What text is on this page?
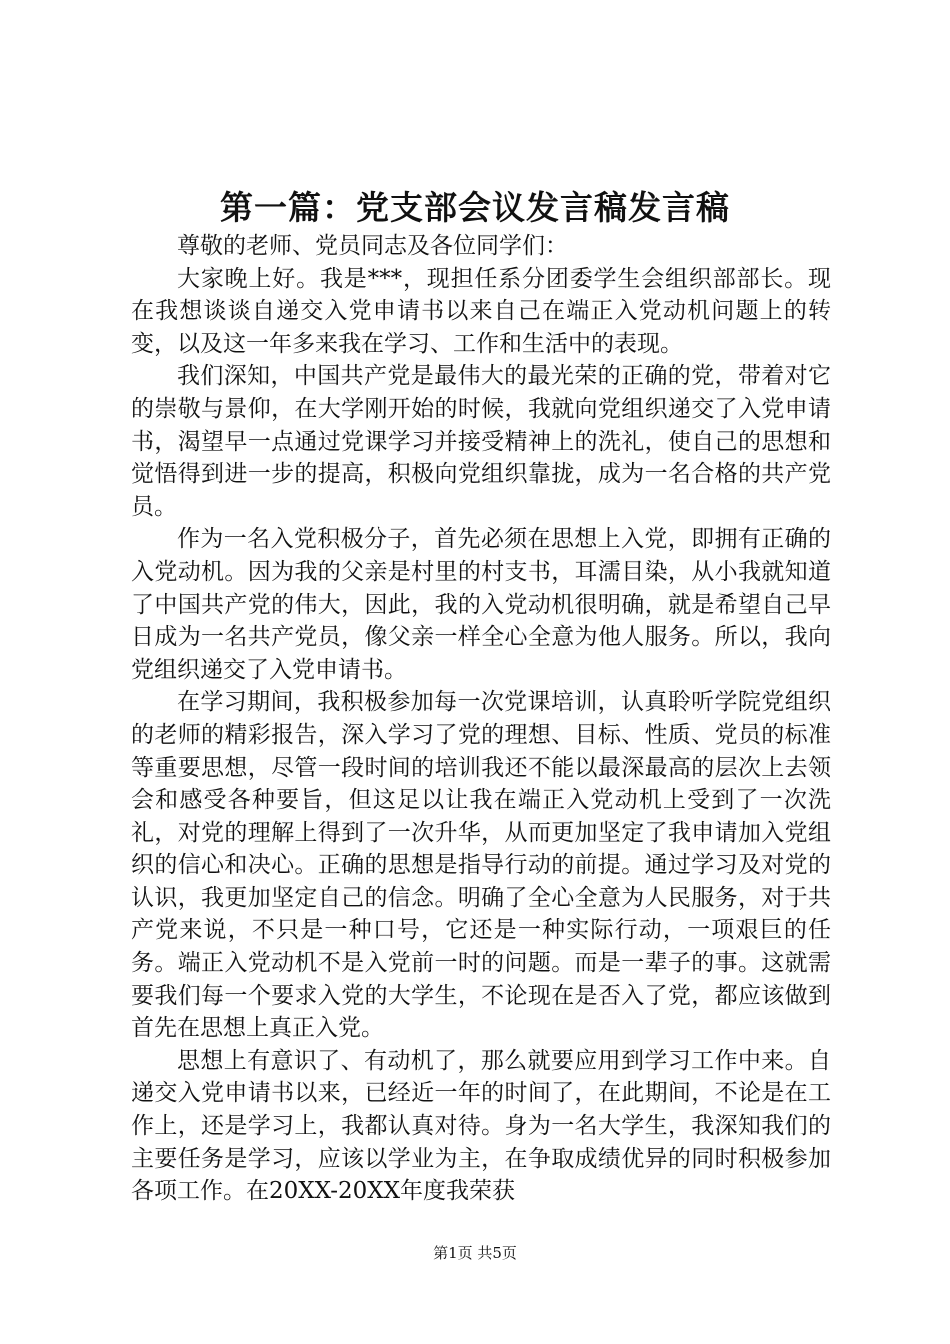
第一篇：党支部会议发言稿发言稿

尊敬的老师、党员同志及各位同学们：

大家晚上好。我是***，现担任系分团委学生会组织部部长。现在我想谈谈自递交入党申请书以来自己在端正入党动机问题上的转变，以及这一年多来我在学习、工作和生活中的表现。

我们深知，中国共产党是最伟大的最光荣的正确的党，带着对它的崇敬与景仰，在大学刚开始的时候，我就向党组织递交了入党申请书，渴望早一点通过党课学习并接受精神上的洗礼，使自己的思想和觉悟得到进一步的提高，积极向党组织靠拢，成为一名合格的共产党员。

作为一名入党积极分子，首先必须在思想上入党，即拥有正确的入党动机。因为我的父亲是村里的村支书，耳濡目染，从小我就知道了中国共产党的伟大，因此，我的入党动机很明确，就是希望自己早日成为一名共产党员，像父亲一样全心全意为他人服务。所以，我向党组织递交了入党申请书。

在学习期间，我积极参加每一次党课培训，认真聆听学院党组织的老师的精彩报告，深入学习了党的理想、目标、性质、党员的标准等重要思想，尽管一段时间的培训我还不能以最深最高的层次上去领会和感受各种要旨，但这足以让我在端正入党动机上受到了一次洗礼，对党的理解上得到了一次升华，从而更加坚定了我申请加入党组织的信心和决心。正确的思想是指导行动的前提。通过学习及对党的认识，我更加坚定自己的信念。明确了全心全意为人民服务，对于共产党来说，不只是一种口号，它还是一种实际行动，一项艰巨的任务。端正入党动机不是入党前一时的问题。而是一辈子的事。这就需要我们每一个要求入党的大学生，不论现在是否入了党，都应该做到首先在思想上真正入党。

思想上有意识了、有动机了，那么就要应用到学习工作中来。自递交入党申请书以来，已经近一年的时间了，在此期间，不论是在工作上，还是学习上，我都认真对待。身为一名大学生，我深知我们的主要任务是学习，应该以学业为主，在争取成绩优异的同时积极参加各项工作。在20XX-20XX年度我荣获

第1页 共5页
